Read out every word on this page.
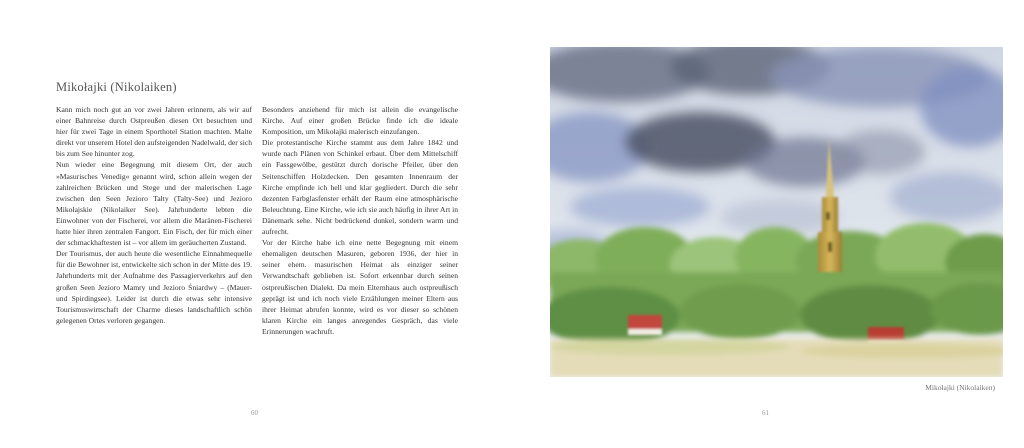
Mikołajki (Nikolaiken)

Kann mich noch gut an vor zwei Jahren erinnern, als wir auf einer Bahnreise durch Ostpreußen diesen Ort besuchten und hier für zwei Tage in einem Sporthotel Station machten. Malte direkt vor unserem Hotel den aufsteigenden Nadelwald, der sich bis zum See hinunter zog.

Nun wieder eine Begegnung mit diesem Ort, der auch »Masurisches Venedig« genannt wird, schon allein wegen der zahlreichen Brücken und Stege und der malerischen Lage zwischen den Seen Jezioro Tałty (Talty-See) und Jezioro Mikołajskie (Nikolaiker See). Jahrhunderte lebten die Einwohner von der Fischerei, vor allem die Maränen-Fischerei hatte hier ihren zentralen Fangort. Ein Fisch, der für mich einer der schmackhaftesten ist – vor allem im geräucherten Zustand.

Der Tourismus, der auch heute die wesentliche Einnahmequelle für die Bewohner ist, entwickelte sich schon in der Mitte des 19. Jahrhunderts mit der Aufnahme des Passagierverkehrs auf den großen Seen Jezioro Mamry und Jezioro Śniardwy – (Mauer- und Spirdingsee). Leider ist durch die etwas sehr intensive Tourismuswirtschaft der Charme dieses landschaftlich schön gelegenen Ortes verloren gegangen.

Besonders anziehend für mich ist allein die evangelische Kirche. Auf einer großen Brücke finde ich die ideale Komposition, um Mikołajki malerisch einzufangen.

Die protestantische Kirche stammt aus dem Jahre 1842 und wurde nach Plänen von Schinkel erbaut. Über dem Mittelschiff ein Fassgewölbe, gestützt durch dorische Pfeiler, über den Seitenschiffen Holzdecken. Den gesamten Innenraum der Kirche empfinde ich hell und klar gegliedert. Durch die sehr dezenten Farbglasfenster erhält der Raum eine atmosphärische Beleuchtung. Eine Kirche, wie ich sie auch häufig in ihrer Art in Dänemark sehe. Nicht bedrückend dunkel, sondern warm und aufrecht.

Vor der Kirche habe ich eine nette Begegnung mit einem ehemaligen deutschen Masuren, geboren 1936, der hier in seiner ehem. masurischen Heimat als einziger seiner Verwandtschaft geblieben ist. Sofort erkennbar durch seinen ostpreußischen Dialekt. Da mein Elternhaus auch ostpreußisch geprägt ist und ich noch viele Erzählungen meiner Eltern aus ihrer Heimat abrufen konnte, wird es vor dieser so schönen klaren Kirche ein langes anregendes Gespräch, das viele Erinnerungen wachruft.

60
Mikołajki (Nikolaiken)
61
